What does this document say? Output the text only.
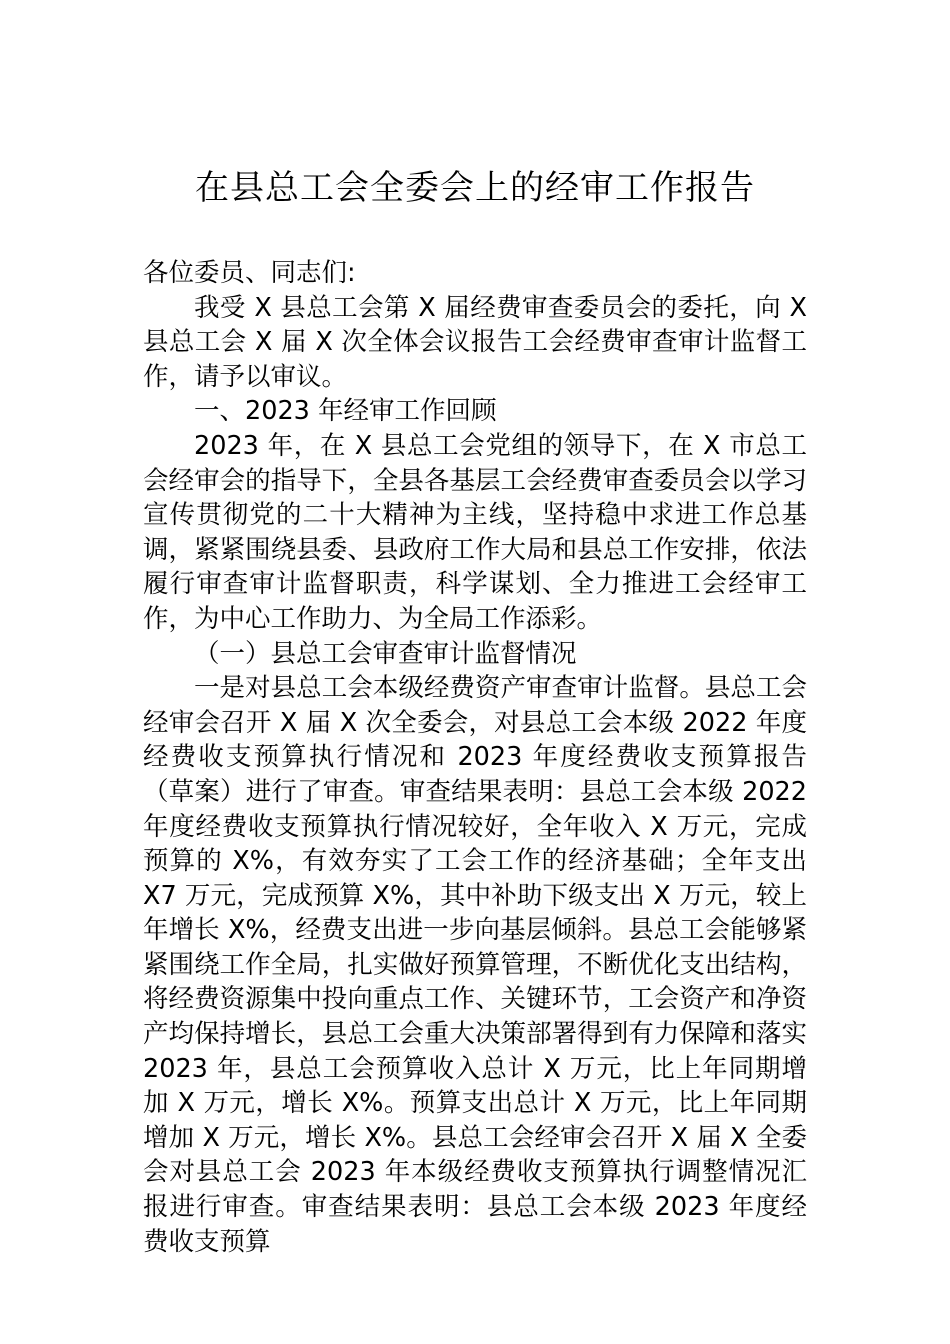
在县总工会全委会上的经审工作报告

各位委员、同志们:

我受 X 县总工会第 X 届经费审查委员会的委托，向 X 县总工会 X 届 X 次全体会议报告工会经费审查审计监督工作，请予以审议。

一、2023 年经审工作回顾

2023 年，在 X 县总工会党组的领导下，在 X 市总工会经审会的指导下，全县各基层工会经费审查委员会以学习宣传贯彻党的二十大精神为主线，坚持稳中求进工作总基调，紧紧围绕县委、县政府工作大局和县总工作安排，依法履行审查审计监督职责，科学谋划、全力推进工会经审工作，为中心工作助力、为全局工作添彩。

（一）县总工会审查审计监督情况

一是对县总工会本级经费资产审查审计监督。县总工会经审会召开 X 届 X 次全委会，对县总工会本级 2022 年度经费收支预算执行情况和 2023 年度经费收支预算报告（草案）进行了审查。审查结果表明：县总工会本级 2022 年度经费收支预算执行情况较好，全年收入 X 万元，完成预算的 X%，有效夯实了工会工作的经济基础；全年支出 X7 万元，完成预算 X%，其中补助下级支出 X 万元，较上年增长 X%，经费支出进一步向基层倾斜。县总工会能够紧紧围绕工作全局，扎实做好预算管理，不断优化支出结构，将经费资源集中投向重点工作、关键环节，工会资产和净资产均保持增长，县总工会重大决策部署得到有力保障和落实 2023 年，县总工会预算收入总计 X 万元，比上年同期增加 X 万元，增长 X%。预算支出总计 X 万元，比上年同期增加 X 万元，增长 X%。县总工会经审会召开 X 届 X 全委会对县总工会 2023 年本级经费收支预算执行调整情况汇报进行审查。审查结果表明：县总工会本级 2023 年度经费收支预算
